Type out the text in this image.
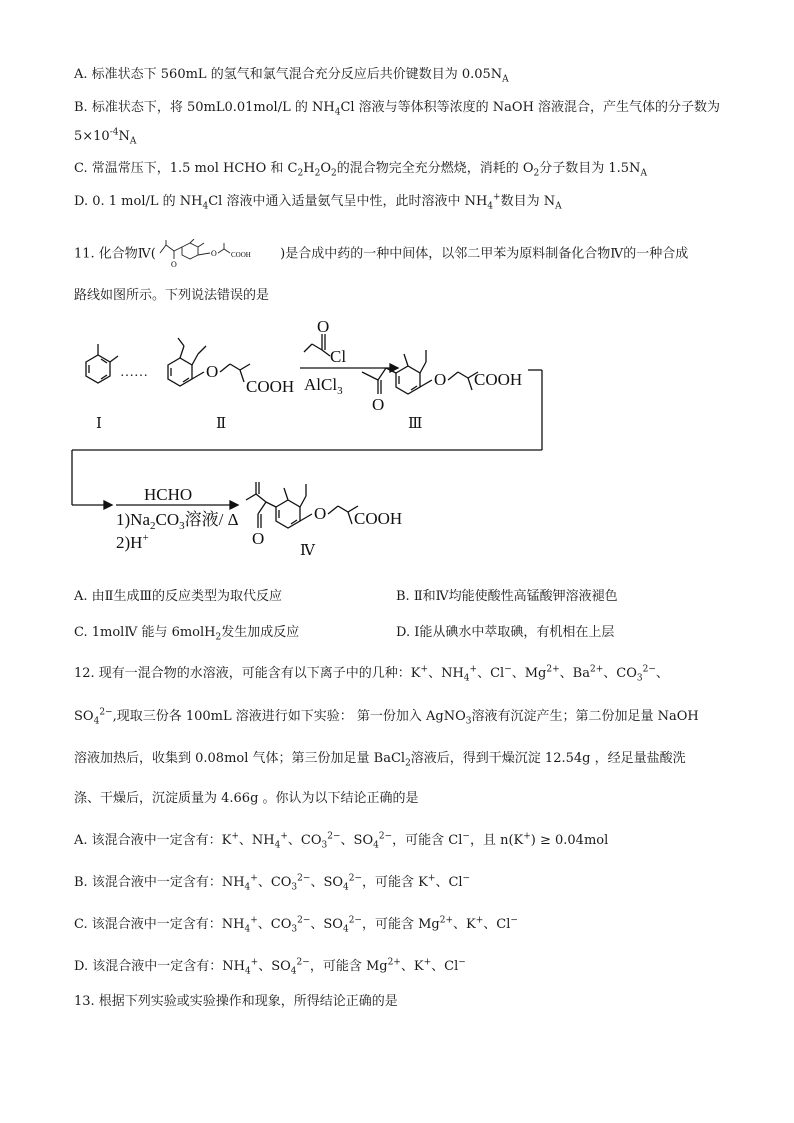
A. 标准状态下 560mL 的氢气和氯气混合充分反应后共价键数目为 $0.05N_A$
B. 标准状态下，将 50mL0.01mol/L 的 $NH_4Cl$ 溶液与等体积等浓度的 NaOH 溶液混合，产生气体的分子数为
$5\times 10^{-4}N_A$
C. 常温常压下，1.5 mol HCHO 和 $C_2H_2O_2$的混合物完全充分燃烧，消耗的 $O_2$分子数目为 $1.5N_A$
D. 0. 1 mol/L 的 $NH_4Cl$ 溶液中通入适量氨气呈中性，此时溶液中 $NH_4^+$数目为 $N_A$
11. 化合物Ⅳ(
O
O COOH )是合成中药的一种中间体，以邻二甲苯为原料制备化合物Ⅳ的一种合成
路线如图所示。下列说法错误的是
……
Ⅰ	Ⅱ	Ⅲ
Ⅳ
O
COOH
O
Cl
AlCl$_3$
O
O COOH
HCHO
$1)Na_2CO_3$溶液/ Δ
2)H+	O
O COOH
A. 由Ⅱ生成Ⅲ的反应类型为取代反应	B. Ⅱ和Ⅳ均能使酸性高锰酸钾溶液褪色
C. 1molⅣ 能与 6molH$_2$发生加成反应	D. Ⅰ能从碘水中萃取碘，有机相在上层
12. 现有一混合物的水溶液，可能含有以下离子中的几种：K+、$NH_4^+$、Cl−、$Mg^{2+}$、$Ba^{2+}$、$CO_3^{2-}$、
$SO_4^{2-}$,现取三份各 100mL 溶液进行如下实验： 第一份加入 AgNO$_3$溶液有沉淀产生；第二份加足量 NaOH
溶液加热后，收集到 0.08mol 气体；第三份加足量 BaCl$_2$溶液后，得到干燥沉淀 12.54g ，经足量盐酸洗
涤、干燥后，沉淀质量为 4.66g 。你认为以下结论正确的是
A. 该混合液中一定含有：K+、$NH_4^+$、$CO_3^{2-}$、$SO_4^{2-}$，可能含 Cl−，且 n(K+) ≥ 0.04mol
B. 该混合液中一定含有：$NH_4^+$、$CO_3^{2-}$、$SO_4^{2-}$，可能含 K+、Cl−
C. 该混合液中一定含有：$NH_4^+$、$CO_3^{2-}$、$SO_4^{2-}$，可能含 $Mg^{2+}$、K+、Cl−
D. 该混合液中一定含有：$NH_4^+$、$SO_4^{2-}$，可能含 $Mg^{2+}$、K+、Cl−
13. 根据下列实验或实验操作和现象，所得结论正确的是
